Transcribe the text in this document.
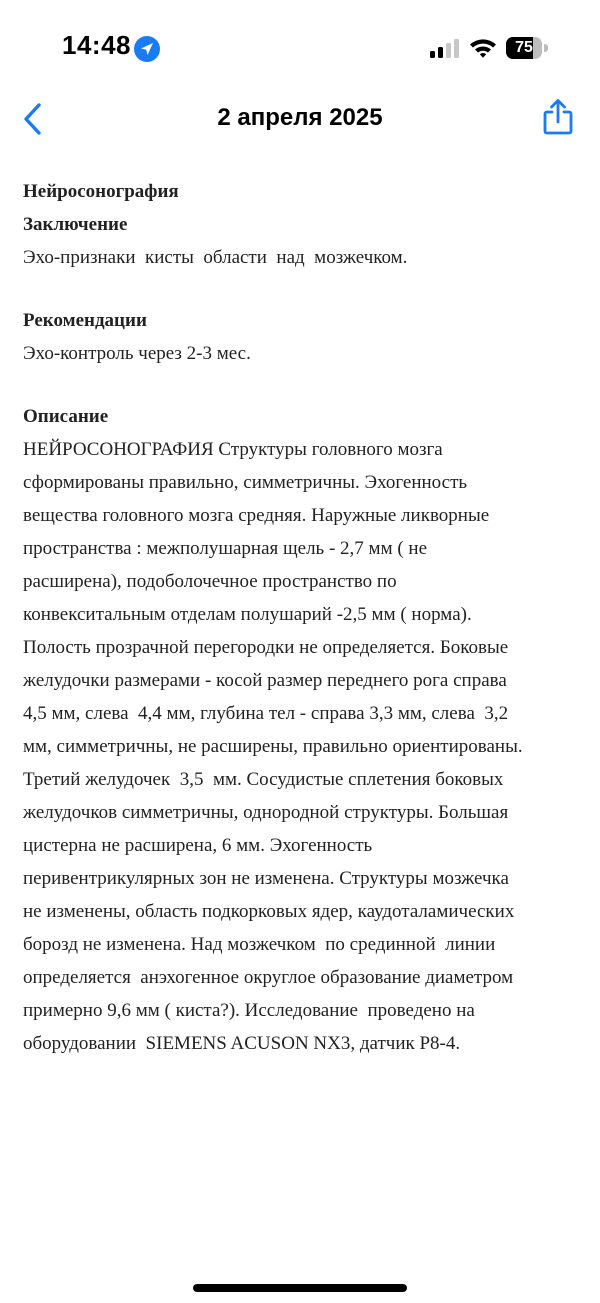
14:48	75
2 апреля 2025

Нейросонография

Заключение

Эхо-признаки  кисты  области  над  мозжечком.

Рекомендации

Эхо-контроль через 2-3 мес.

Описание

НЕЙРОСОНОГРАФИЯ Структуры головного мозга

сформированы правильно, симметричны. Эхогенность

вещества головного мозга средняя. Наружные ликворные

пространства : межполушарная щель - 2,7 мм ( не

расширена), подоболочечное пространство по

конвекситальным отделам полушарий -2,5 мм ( норма).

Полость прозрачной перегородки не определяется. Боковые

желудочки размерами - косой размер переднего рога справа

4,5 мм, слева  4,4 мм, глубина тел - справа 3,3 мм, слева  3,2

мм, симметричны, не расширены, правильно ориентированы.

Третий желудочек  3,5  мм. Сосудистые сплетения боковых

желудочков симметричны, однородной структуры. Большая

цистерна не расширена, 6 мм. Эхогенность

перивентрикулярных зон не изменена. Структуры мозжечка

не изменены, область подкорковых ядер, каудоталамических

борозд не изменена. Над мозжечком  по срединной  линии

определяется  анэхогенное округлое образование диаметром

примерно 9,6 мм ( киста?). Исследование  проведено на

оборудовании  SIEMENS ACUSON NX3, датчик P8-4.
